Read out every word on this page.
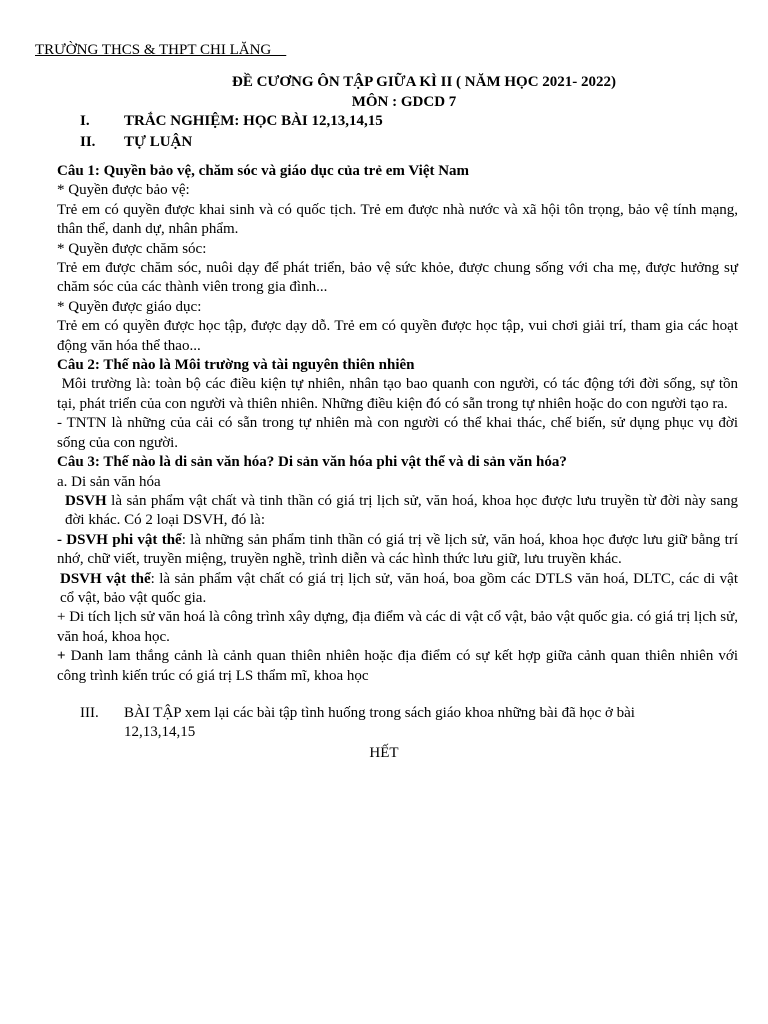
TRƯỜNG THCS & THPT CHI LĂNG
ĐỀ CƯƠNG ÔN TẬP GIỮA KÌ II ( NĂM HỌC 2021- 2022)
MÔN : GDCD 7
I. TRẮC NGHIỆM: HỌC BÀI 12,13,14,15
II. TỰ LUẬN

Câu 1: Quyền bảo vệ, chăm sóc và giáo dục của trẻ em Việt Nam

* Quyền được bảo vệ:

Trẻ em có quyền được khai sinh và có quốc tịch. Trẻ em được nhà nước và xã hội tôn trọng, bảo vệ tính mạng, thân thể, danh dự, nhân phẩm.

* Quyền được chăm sóc:

Trẻ em được chăm sóc, nuôi dạy để phát triển, bảo vệ sức khỏe, được chung sống với cha mẹ, được hưởng sự chăm sóc của các thành viên trong gia đình...

* Quyền được giáo dục:

Trẻ em có quyền được học tập, được dạy dỗ. Trẻ em có quyền được học tập, vui chơi giải trí, tham gia các hoạt động văn hóa thể thao...

Câu 2: Thế nào là Môi trường và tài nguyên thiên nhiên

Môi trường là: toàn bộ các điều kiện tự nhiên, nhân tạo bao quanh con người, có tác động tới đời sống, sự tồn tại, phát triển của con người và thiên nhiên. Những điều kiện đó có sẵn trong tự nhiên hoặc do con người tạo ra.

- TNTN là những của cải có sẵn trong tự nhiên mà con người có thể khai thác, chế biến, sử dụng phục vụ đời sống của con người.

Câu 3: Thế nào là di sản văn hóa? Di sản văn hóa phi vật thể và di sản văn hóa?

a. Di sản văn hóa

DSVH là sản phẩm vật chất và tinh thần có giá trị lịch sử, văn hoá, khoa học được lưu truyền từ đời này sang đời khác. Có 2 loại DSVH, đó là:

- DSVH phi vật thể: là những sản phẩm tinh thần có giá trị về lịch sử, văn hoá, khoa học được lưu giữ bằng trí nhớ, chữ viết, truyền miệng, truyền nghề, trình diễn và các hình thức lưu giữ, lưu truyền khác.

DSVH vật thể: là sản phẩm vật chất có giá trị lịch sử, văn hoá, boa gồm các DTLS văn hoá, DLTC, các di vật cổ vật, bảo vật quốc gia.

+ Di tích lịch sử văn hoá là công trình xây dựng, địa điểm và các di vật cổ vật, bảo vật quốc gia. có giá trị lịch sử, văn hoá, khoa học.

+ Danh lam thắng cảnh là cảnh quan thiên nhiên hoặc địa điểm có sự kết hợp giữa cảnh quan thiên nhiên với công trình kiến trúc có giá trị LS thẩm mĩ, khoa học

III. BÀI TẬP xem lại các bài tập tình huống trong sách giáo khoa những bài đã học ở bài 12,13,14,15
HẾT
